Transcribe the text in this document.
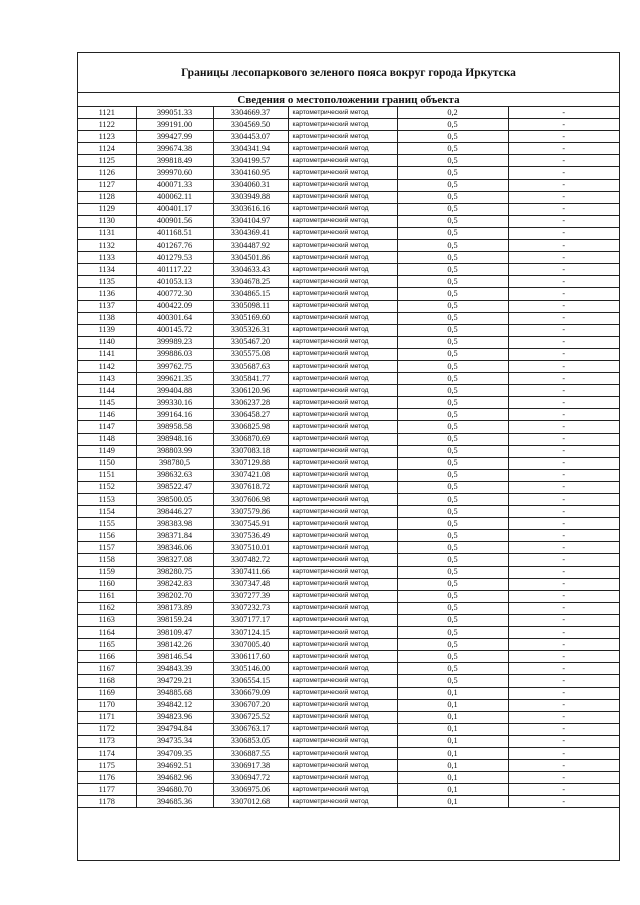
Границы лесопаркового зеленого пояса вокруг города Иркутска
Сведения о местоположении границ объекта
1121	399051.33	3304669.37	картометрический метод	0,2	-
1122	399191.00	3304569.50	картометрический метод	0,5	-
1123	399427.99	3304453.07	картометрический метод	0,5	-
1124	399674.38	3304341.94	картометрический метод	0,5	-
1125	399818.49	3304199.57	картометрический метод	0,5	-
1126	399970.60	3304160.95	картометрический метод	0,5	-
1127	400071.33	3304060.31	картометрический метод	0,5	-
1128	400062.11	3303949.88	картометрический метод	0,5	-
1129	400401.17	3303616.16	картометрический метод	0,5	-
1130	400901.56	3304104.97	картометрический метод	0,5	-
1131	401168.51	3304369.41	картометрический метод	0,5	-
1132	401267.76	3304487.92	картометрический метод	0,5	-
1133	401279.53	3304501.86	картометрический метод	0,5	-
1134	401117.22	3304633.43	картометрический метод	0,5	-
1135	401053.13	3304678.25	картометрический метод	0,5	-
1136	400772.30	3304865.15	картометрический метод	0,5	-
1137	400422.09	3305098.11	картометрический метод	0,5	-
1138	400301.64	3305169.60	картометрический метод	0,5	-
1139	400145.72	3305326.31	картометрический метод	0,5	-
1140	399989.23	3305467.20	картометрический метод	0,5	-
1141	399886.03	3305575.08	картометрический метод	0,5	-
1142	399762.75	3305687.63	картометрический метод	0,5	-
1143	399621.35	3305841.77	картометрический метод	0,5	-
1144	399404.88	3306120.96	картометрический метод	0,5	-
1145	399330.16	3306237.28	картометрический метод	0,5	-
1146	399164.16	3306458.27	картометрический метод	0,5	-
1147	398958.58	3306825.98	картометрический метод	0,5	-
1148	398948.16	3306870.69	картометрический метод	0,5	-
1149	398803.99	3307083.18	картометрический метод	0,5	-
1150	398780,5	3307129.88	картометрический метод	0,5	-
1151	398632.63	3307421.08	картометрический метод	0,5	-
1152	398522.47	3307618.72	картометрический метод	0,5	-
1153	398500.05	3307606.98	картометрический метод	0,5	-
1154	398446.27	3307579.86	картометрический метод	0,5	-
1155	398383.98	3307545.91	картометрический метод	0,5	-
1156	398371.84	3307536.49	картометрический метод	0,5	-
1157	398346.06	3307510.01	картометрический метод	0,5	-
1158	398327.08	3307482.72	картометрический метод	0,5	-
1159	398280.75	3307411.66	картометрический метод	0,5	-
1160	398242.83	3307347.48	картометрический метод	0,5	-
1161	398202.70	3307277.39	картометрический метод	0,5	-
1162	398173.89	3307232.73	картометрический метод	0,5	-
1163	398159.24	3307177.17	картометрический метод	0,5	-
1164	398109.47	3307124.15	картометрический метод	0,5	-
1165	398142.26	3307005.40	картометрический метод	0,5	-
1166	398146.54	3306117.60	картометрический метод	0,5	-
1167	394843.39	3305146.00	картометрический метод	0,5	-
1168	394729.21	3306554.15	картометрический метод	0,5	-
1169	394885.68	3306679.09	картометрический метод	0,1	-
1170	394842.12	3306707.20	картометрический метод	0,1	-
1171	394823.96	3306725.52	картометрический метод	0,1	-
1172	394794.84	3306763.17	картометрический метод	0,1	-
1173	394735.34	3306853.05	картометрический метод	0,1	-
1174	394709.35	3306887.55	картометрический метод	0,1	-
1175	394692.51	3306917.38	картометрический метод	0,1	-
1176	394682.96	3306947.72	картометрический метод	0,1	-
1177	394680.70	3306975.06	картометрический метод	0,1	-
1178	394685.36	3307012.68	картометрический метод	0,1	-
